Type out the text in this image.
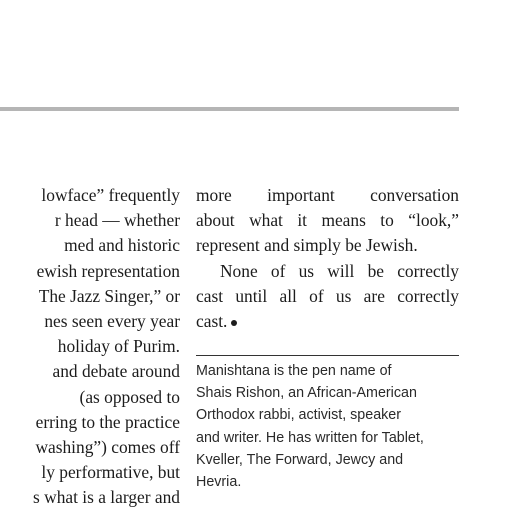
lowface” frequently
r head — whether
med and historic
ewish representation
The Jazz Singer,” or
nes seen every year
holiday of Purim.
and debate around
(as opposed to
erring to the practice
washing”) comes off
ly performative, but
s what is a larger and
more important conversation
about what it means to “look,”
represent and simply be Jewish.
None of us will be correctly
cast until all of us are correctly
cast.
Manishtana is the pen name of
Shais Rishon, an African-American
Orthodox rabbi, activist, speaker
and writer. He has written for Tablet,
Kveller, The Forward, Jewcy and
Hevria.
